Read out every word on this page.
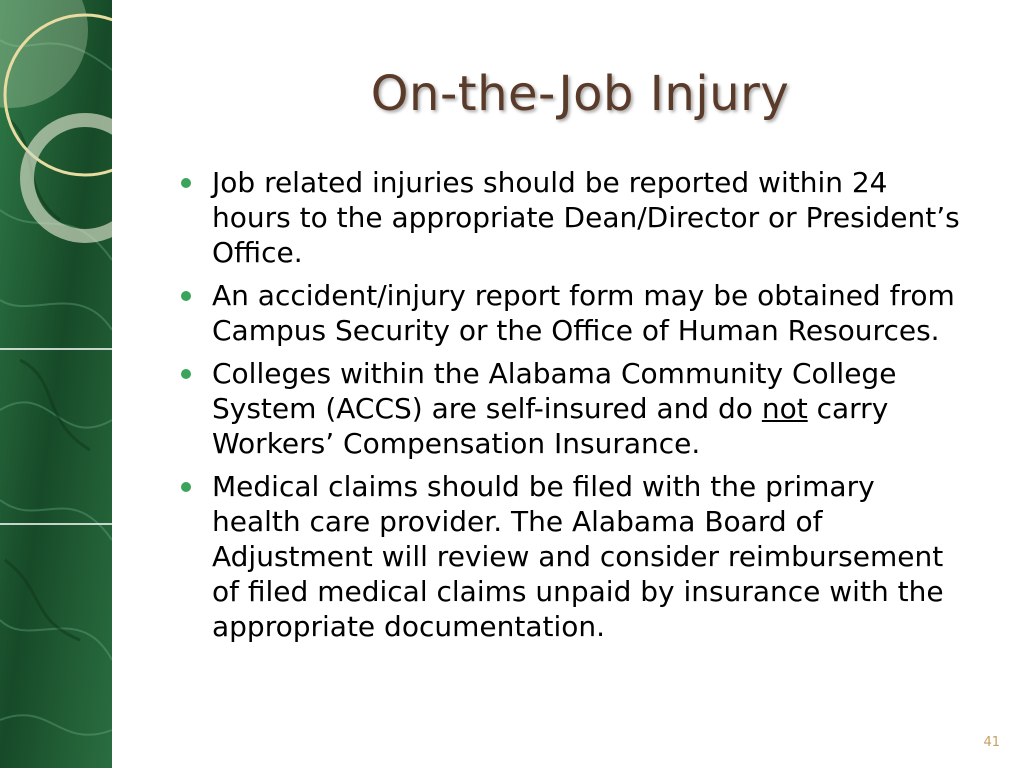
On-the-Job Injury
Job related injuries should be reported within 24 hours to the appropriate Dean/Director or President’s Office.
An accident/injury report form may be obtained from Campus Security or the Office of Human Resources.
Colleges within the Alabama Community College System (ACCS) are self-insured and do not carry Workers’ Compensation Insurance.
Medical claims should be filed with the primary health care provider. The Alabama Board of Adjustment will review and consider reimbursement of filed medical claims unpaid by insurance with the appropriate documentation.
41
